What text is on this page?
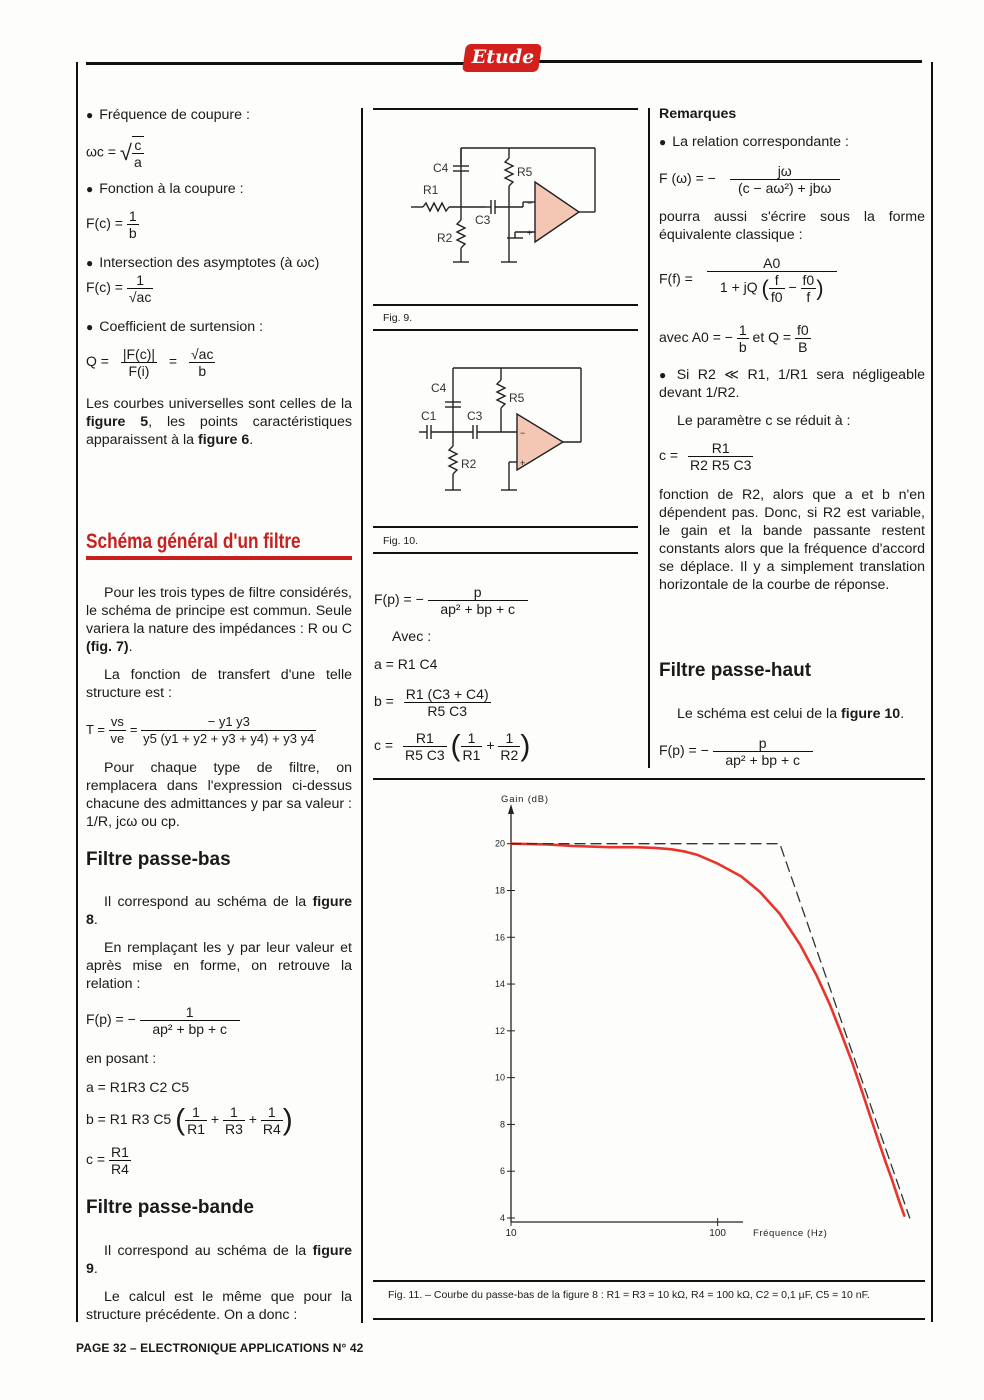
Etude
● Fréquence de coupure :
ωc = √ $\frac{c}{a}$
● Fonction à la coupure :
$F(c) = \frac{1}{b}$
● Intersection des asymptotes (à ωc)
$F(c) = \frac{1}{√ac}$
● Coefficient de surtension :
$Q = \frac{|F(c)|}{F(i)} = \frac{√ac}{b}$
Les courbes universelles sont celles de la figure 5, les points caractéristiques apparaissent à la figure 6.
Schéma général d'un filtre
Pour les trois types de filtre considérés, le schéma de principe est commun. Seule variera la nature des impédances : R ou C (fig. 7).
La fonction de transfert d'une telle structure est :
$T = \frac{vs}{ve} = \frac{- y1 y3}{y5 (y1 + y2 + y3 + y4) + y3 y4}$
Pour chaque type de filtre, on remplacera dans l'expression ci-dessus chacune des admittances y par sa valeur : 1/R, jcω ou cp.
Filtre passe-bas
Il correspond au schéma de la figure 8.
En remplaçant les y par leur valeur et après mise en forme, on retrouve la relation :
F(p) = − $\frac{1}{\text{ap² + bp + c}}$
en posant :
a = R1R3 C2 C5
b = R1 R3 C5 ( $\frac{1}{R1} + \frac{1}{R3} + \frac{1}{R4}$ )
$c = \frac{R1}{R4}$
Filtre passe-bande
Il correspond au schéma de la figure 9.
Le calcul est le même que pour la structure précédente. On a donc :
−
+
C4
R1
C3
R2
R5
Fig. 9.
−
+
C4
C1	C3
R2
R5
Fig. 10.
F(p) = − $\frac{p}{\text{ap² + bp + c}}$
Avec :
a = R1 C4
$b = \frac{R1 (C3 + C4)}{R5 C3}$
$c = \frac{R1}{R5 C3}$ ( $\frac{1}{R1} + \frac{1}{R2}$ )
Remarques
● La relation correspondante :
F (ω) = − $\frac{j\omega}{\text{(c − aω²) + jbω}}$
pourra aussi s'écrire sous la forme équivalente classique :
$F(f) = \frac{A0}{1 + jQ ( \frac{f}{f0} - \frac{f0}{f} )}$
avec A0 = − $\frac{1}{b}$ et $Q = \frac{f0}{B}$
● Si R2 ≪ R1, 1/R1 sera négligeable devant 1/R2.
Le paramètre c se réduit à :
$c = \frac{R1}{R2 R5 C3}$
fonction de R2, alors que a et b n'en dépendent pas. Donc, si R2 est variable, le gain et la bande passante restent constants alors que la fréquence d'accord se déplace. Il y a simplement translation horizontale de la courbe de réponse.
Filtre passe-haut
Le schéma est celui de la figure 10.
F(p) = − $\frac{p}{\text{ap² + bp + c}}$
4
6
8
10
12
14
16
18
20
10	100
Gain (dB)
Fréquence (Hz)
Fig. 11. – Courbe du passe-bas de la figure 8 : R1 = R3 = 10 kΩ, R4 = 100 kΩ, C2 = 0,1 µF, C5 = 10 nF.
PAGE 32 – ELECTRONIQUE APPLICATIONS N° 42
